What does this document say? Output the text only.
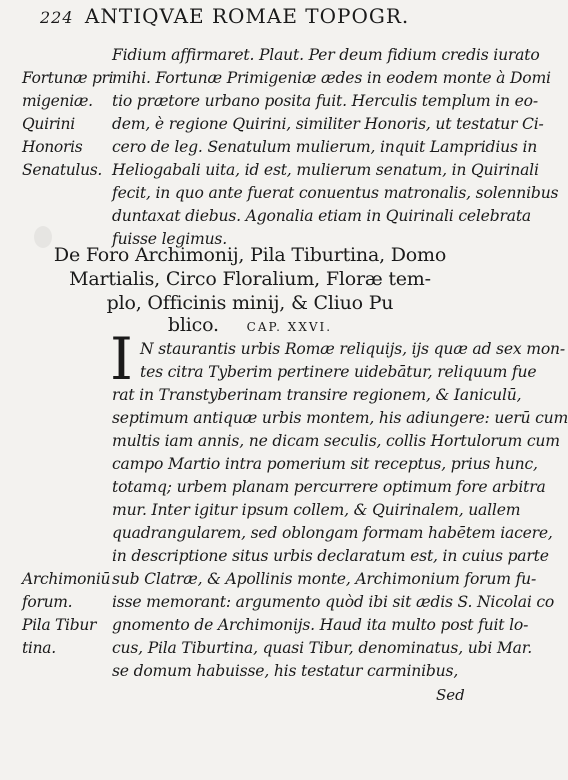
224 ANTIQVAE ROMAE TOPOGR.
Fidium affirmaret. Plaut. Per deum fidium credis iurato
mihi. Fortunæ Primigeniæ ædes in eodem monte à Domi
tio prætore urbano posita fuit. Herculis templum in eo-
dem, è regione Quirini, similiter Honoris, ut testatur Ci-
cero de leg. Senatulum mulierum, inquit Lampridius in
Heliogabali uita, id est, mulierum senatum, in Quirinali
fecit, in quo ante fuerat conuentus matronalis, solennibus
duntaxat diebus. Agonalia etiam in Quirinali celebrata
fuisse legimus.
Fortunæ pri
migeniæ.
Quirini
Honoris
Senatulus.
De Foro Archimonij, Pila Tiburtina, Domo
Martialis, Circo Floralium, Floræ tem-
plo, Officinis minij, & Cliuo Pu
blico. CAP. XXVI.
I N staurantis urbis Romæ reliquijs, ijs quæ ad sex mon-
tes citra Tyberim pertinere uidebātur, reliquum fue
rat in Transtyberinam transire regionem, & Ianiculū,
septimum antiquæ urbis montem, his adiungere: uerū cum
multis iam annis, ne dicam seculis, collis Hortulorum cum
campo Martio intra pomerium sit receptus, prius hunc,
totamq; urbem planam percurrere optimum fore arbitra
mur. Inter igitur ipsum collem, & Quirinalem, uallem
quadrangularem, sed oblongam formam habētem iacere,
in descriptione situs urbis declaratum est, in cuius parte
sub Clatræ, & Apollinis monte, Archimonium forum fu-
isse memorant: argumento quòd ibi sit ædis S. Nicolai co
gnomento de Archimonijs. Haud ita multo post fuit lo-
cus, Pila Tiburtina, quasi Tibur, denominatus, ubi Mar.
se domum habuisse, his testatur carminibus,
Archimoniū
forum.
Pila Tibur
tina.
Sed
